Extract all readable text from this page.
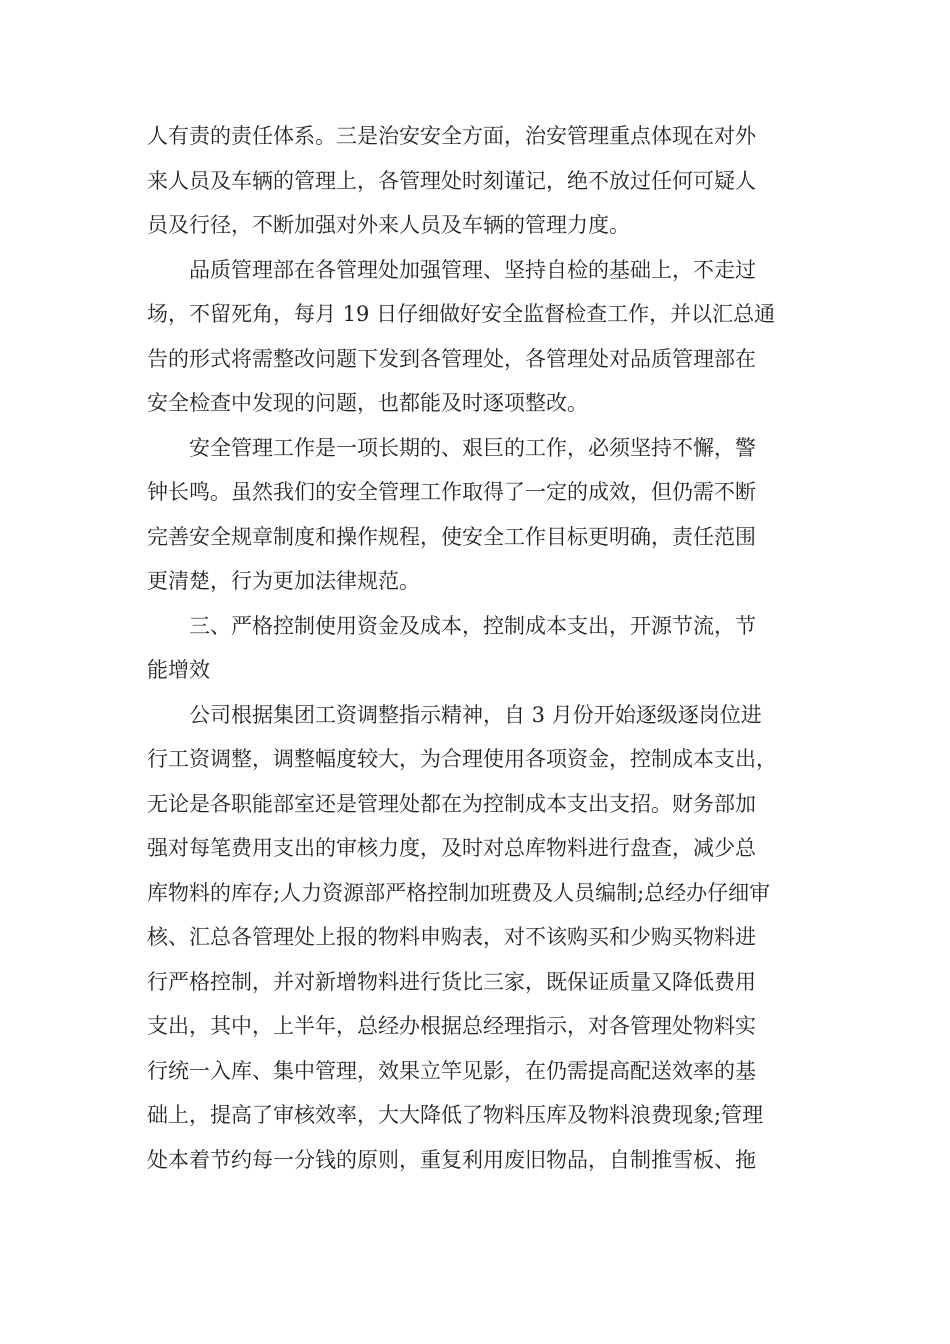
人有责的责任体系。三是治安安全方面，治安管理重点体现在对外
来人员及车辆的管理上，各管理处时刻谨记，绝不放过任何可疑人
员及行径，不断加强对外来人员及车辆的管理力度。
品质管理部在各管理处加强管理、坚持自检的基础上，不走过
场，不留死角，每月 19 日仔细做好安全监督检查工作，并以汇总通
告的形式将需整改问题下发到各管理处，各管理处对品质管理部在
安全检查中发现的问题，也都能及时逐项整改。
安全管理工作是一项长期的、艰巨的工作，必须坚持不懈，警
钟长鸣。虽然我们的安全管理工作取得了一定的成效，但仍需不断
完善安全规章制度和操作规程，使安全工作目标更明确，责任范围
更清楚，行为更加法律规范。
三、严格控制使用资金及成本，控制成本支出，开源节流，节
能增效
公司根据集团工资调整指示精神，自 3 月份开始逐级逐岗位进
行工资调整，调整幅度较大，为合理使用各项资金，控制成本支出，
无论是各职能部室还是管理处都在为控制成本支出支招。财务部加
强对每笔费用支出的审核力度，及时对总库物料进行盘查，减少总
库物料的库存;人力资源部严格控制加班费及人员编制;总经办仔细审
核、汇总各管理处上报的物料申购表，对不该购买和少购买物料进
行严格控制，并对新增物料进行货比三家，既保证质量又降低费用
支出，其中，上半年，总经办根据总经理指示，对各管理处物料实
行统一入库、集中管理，效果立竿见影，在仍需提高配送效率的基
础上，提高了审核效率，大大降低了物料压库及物料浪费现象;管理
处本着节约每一分钱的原则，重复利用废旧物品，自制推雪板、拖
